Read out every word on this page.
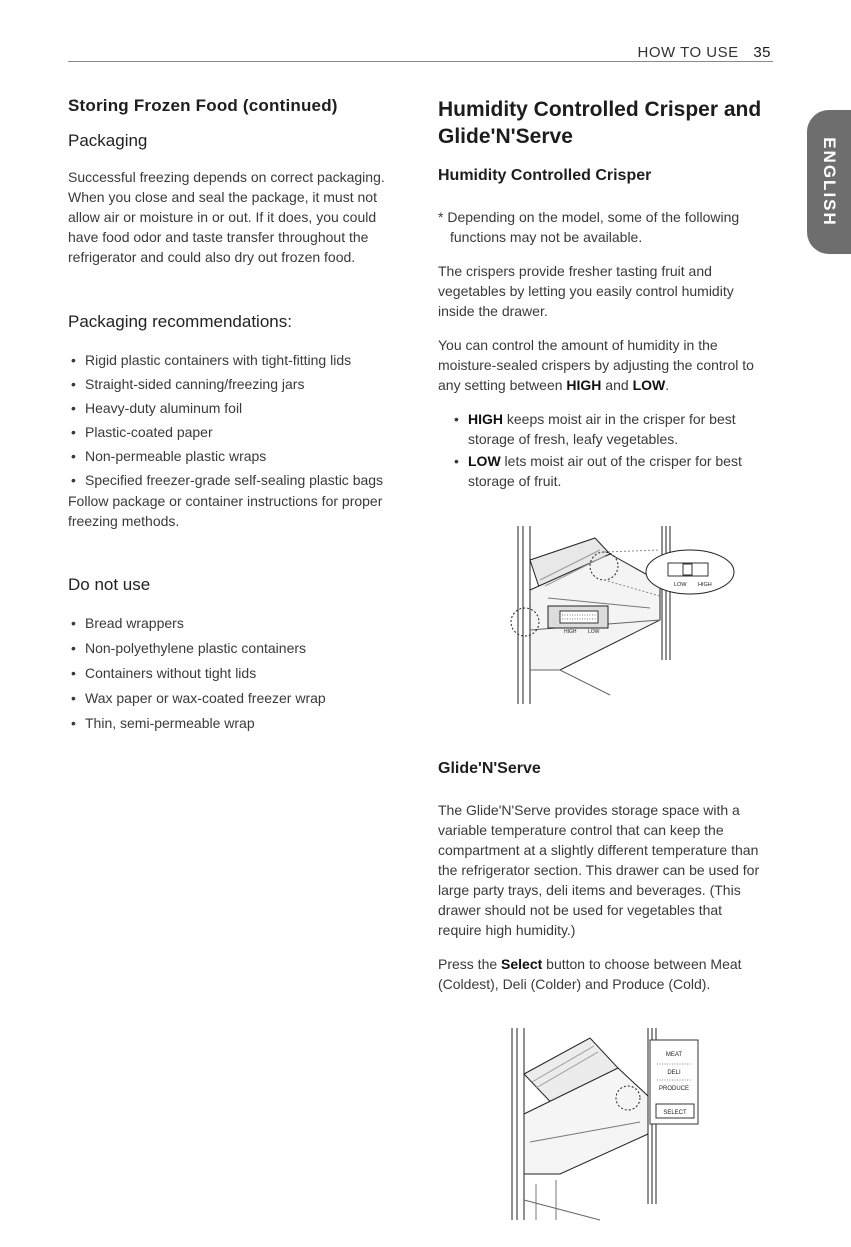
HOW TO USE 35
ENGLISH
Storing Frozen Food (continued)
Packaging

Successful freezing depends on correct packaging. When you close and seal the package, it must not allow air or moisture in or out. If it does, you could have food odor and taste transfer throughout the refrigerator and could also dry out frozen food.

Packaging recommendations:
• Rigid plastic containers with tight-fitting lids
• Straight-sided canning/freezing jars
• Heavy-duty aluminum foil
• Plastic-coated paper
• Non-permeable plastic wraps
• Specified freezer-grade self-sealing plastic bags

Follow package or container instructions for proper freezing methods.

Do not use
• Bread wrappers
• Non-polyethylene plastic containers
• Containers without tight lids
• Wax paper or wax-coated freezer wrap
• Thin, semi-permeable wrap
Humidity Controlled Crisper and Glide'N'Serve
Humidity Controlled Crisper

* Depending on the model, some of the following functions may not be available.

The crispers provide fresher tasting fruit and vegetables by letting you easily control humidity inside the drawer.

You can control the amount of humidity in the moisture-sealed crispers by adjusting the control to any setting between HIGH and LOW.

• HIGH keeps moist air in the crisper for best storage of fresh, leafy vegetables.
• LOW lets moist air out of the crisper for best storage of fruit.
LOW HIGH
HIGH LOW
Glide'N'Serve

The Glide'N'Serve provides storage space with a variable temperature control that can keep the compartment at a slightly different temperature than the refrigerator section. This drawer can be used for large party trays, deli items and beverages. (This drawer should not be used for vegetables that require high humidity.)

Press the Select button to choose between Meat (Coldest), Deli (Colder) and Produce (Cold).

MEAT
DELI
PRODUCE
SELECT
